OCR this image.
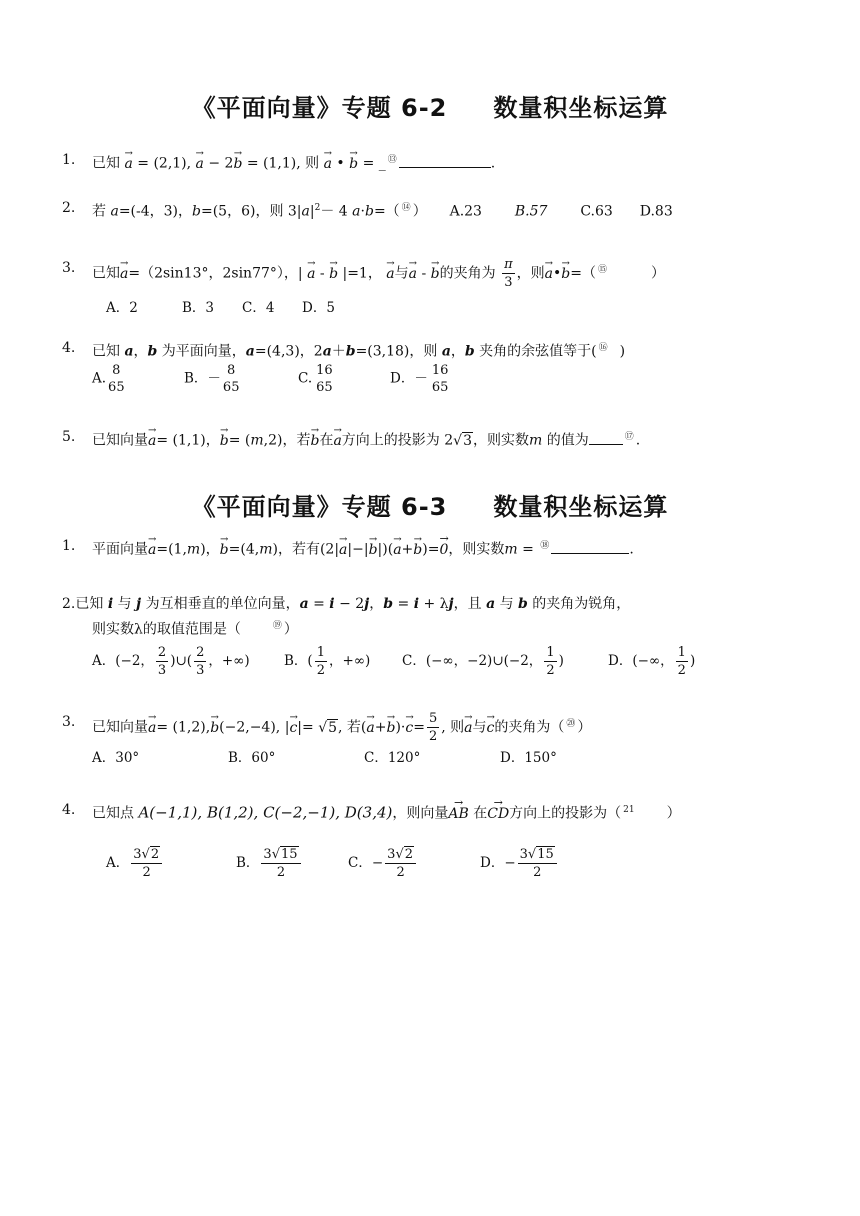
《平面向量》专题 6-2 数量积坐标运算
1.	已知 → a = (2,1), → a − 2→ b = (1,1), 则 → a • → b = _ ⑬	.
2.	若 a=(-4，3)，b=(5，6)，则 $3|a|^2- 4$ a·b=（ ⑭ ） A.23 B.57 C.63 D.83
3.	已知→ a=（2sin13°，2sin77°），| → a - → b |=1， → a与→ a - → b的夹角为 $\frac{\pi}{3}$ ，则→ a•→ b=（ ⑮	）
A．2	B．3 C．4 D．5
4.	已知 a，b 为平面向量，a=(4,3)，2a＋b=(3,18)，则 a，b 夹角的余弦值等于( ⑯ )
A. 8
65
B．－ 8
65
C. 16
65
D．－ 16
65
5.	已知向量→ a= (1,1)，→ b= (m,2)，若→ b在→ a方向上的投影为 2√3，则实数m 的值为	⑰ .
《平面向量》专题 6-3 数量积坐标运算
1.	平面向量→ a=(1,m)，→ b=(4,m)，若有(2|→ a|−|→ b|)(→ a+→ b)=→ 0，则实数m = ⑱	.
2.已知 i 与 j 为互相垂直的单位向量，a = i − 2j，b = i + λj，且 a 与 b 的夹角为锐角，
则实数λ的取值范围是（	⑲ ）
A．(−2， $\frac{2}{3}$ )∪( $\frac{2}{3}$ ，+∞)	B．( $\frac{1}{2}$ ，+∞) C．(−∞，−2)∪(−2， $\frac{1}{2}$ )	D．(−∞， $\frac{1}{2}$ )
3.	已知向量→ a= (1,2),→ b(−2,−4), |→ c|= √5, 若(→ $a+\to b)\cdot\to c= \frac{5}{2}$ , 则→ a与→ c的夹角为（ ⑳ ）
A．30°	B．60°	C．120°	D．150°
4.	已知点 A(−1,1), B(1,2), C(−2,−1), D(3,4)，则向量→ AB 在→ CD方向上的投影为（ 21 ）
A． $\frac{3√2}{2}$	B． $\frac{3√15}{2}$	C．− $\frac{3√2}{2}$	D．− $\frac{3√15}{2}$
